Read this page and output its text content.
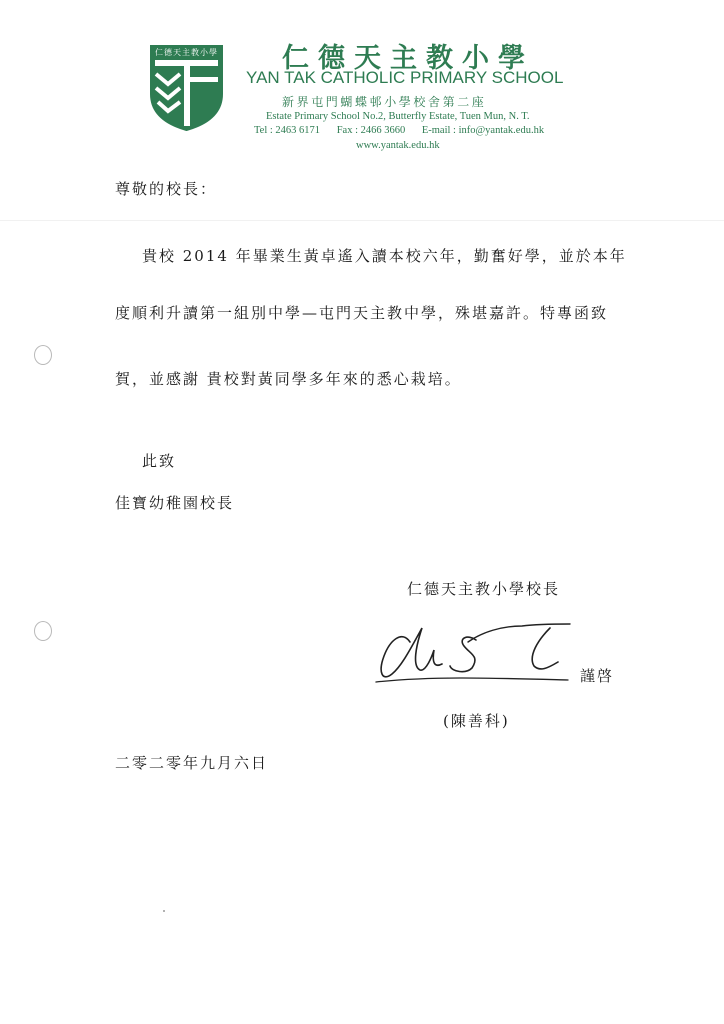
仁德天主教小學 仁德天主教小學
YAN TAK CATHOLIC PRIMARY SCHOOL
新界屯門蝴蝶邨小學校舍第二座
Estate Primary School No.2, Butterfly Estate, Tuen Mun, N. T.
Tel : 2463 6171 Fax : 2466 3660 E-mail : info@yantak.edu.hk
www.yantak.edu.hk
尊敬的校長：
貴校 2014 年畢業生黃卓遙入讀本校六年，勤奮好學，並於本年
度順利升讀第一組別中學—屯門天主教中學，殊堪嘉許。特專函致
賀，並感謝 貴校對黃同學多年來的悉心栽培。
此致
佳寶幼稚園校長
仁德天主教小學校長
謹啓
(陳善科)
二零二零年九月六日
